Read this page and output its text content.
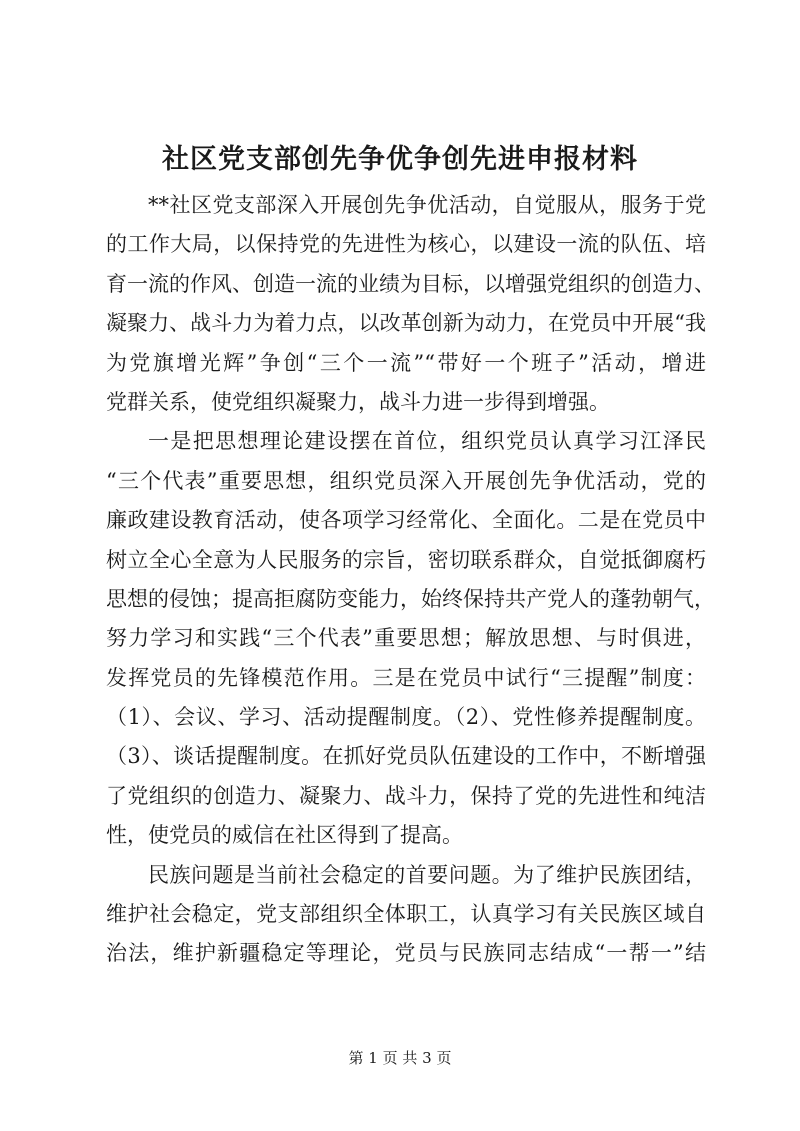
社区党支部创先争优争创先进申报材料
**社区党支部深入开展创先争优活动，自觉服从，服务于党
的工作大局，以保持党的先进性为核心，以建设一流的队伍、培
育一流的作风、创造一流的业绩为目标，以增强党组织的创造力、
凝聚力、战斗力为着力点，以改革创新为动力，在党员中开展“我
为党旗增光辉”争创“三个一流”“带好一个班子”活动，增进
党群关系，使党组织凝聚力，战斗力进一步得到增强。
一是把思想理论建设摆在首位，组织党员认真学习江泽民
“三个代表”重要思想，组织党员深入开展创先争优活动，党的
廉政建设教育活动，使各项学习经常化、全面化。二是在党员中
树立全心全意为人民服务的宗旨，密切联系群众，自觉抵御腐朽
思想的侵蚀；提高拒腐防变能力，始终保持共产党人的蓬勃朝气，
努力学习和实践“三个代表”重要思想；解放思想、与时俱进，
发挥党员的先锋模范作用。三是在党员中试行“三提醒”制度：
（1）、会议、学习、活动提醒制度。（2）、党性修养提醒制度。
（3）、谈话提醒制度。在抓好党员队伍建设的工作中，不断增强
了党组织的创造力、凝聚力、战斗力，保持了党的先进性和纯洁
性，使党员的威信在社区得到了提高。
民族问题是当前社会稳定的首要问题。为了维护民族团结，
维护社会稳定，党支部组织全体职工，认真学习有关民族区域自
治法，维护新疆稳定等理论，党员与民族同志结成“一帮一”结
第 1 页 共 3 页
